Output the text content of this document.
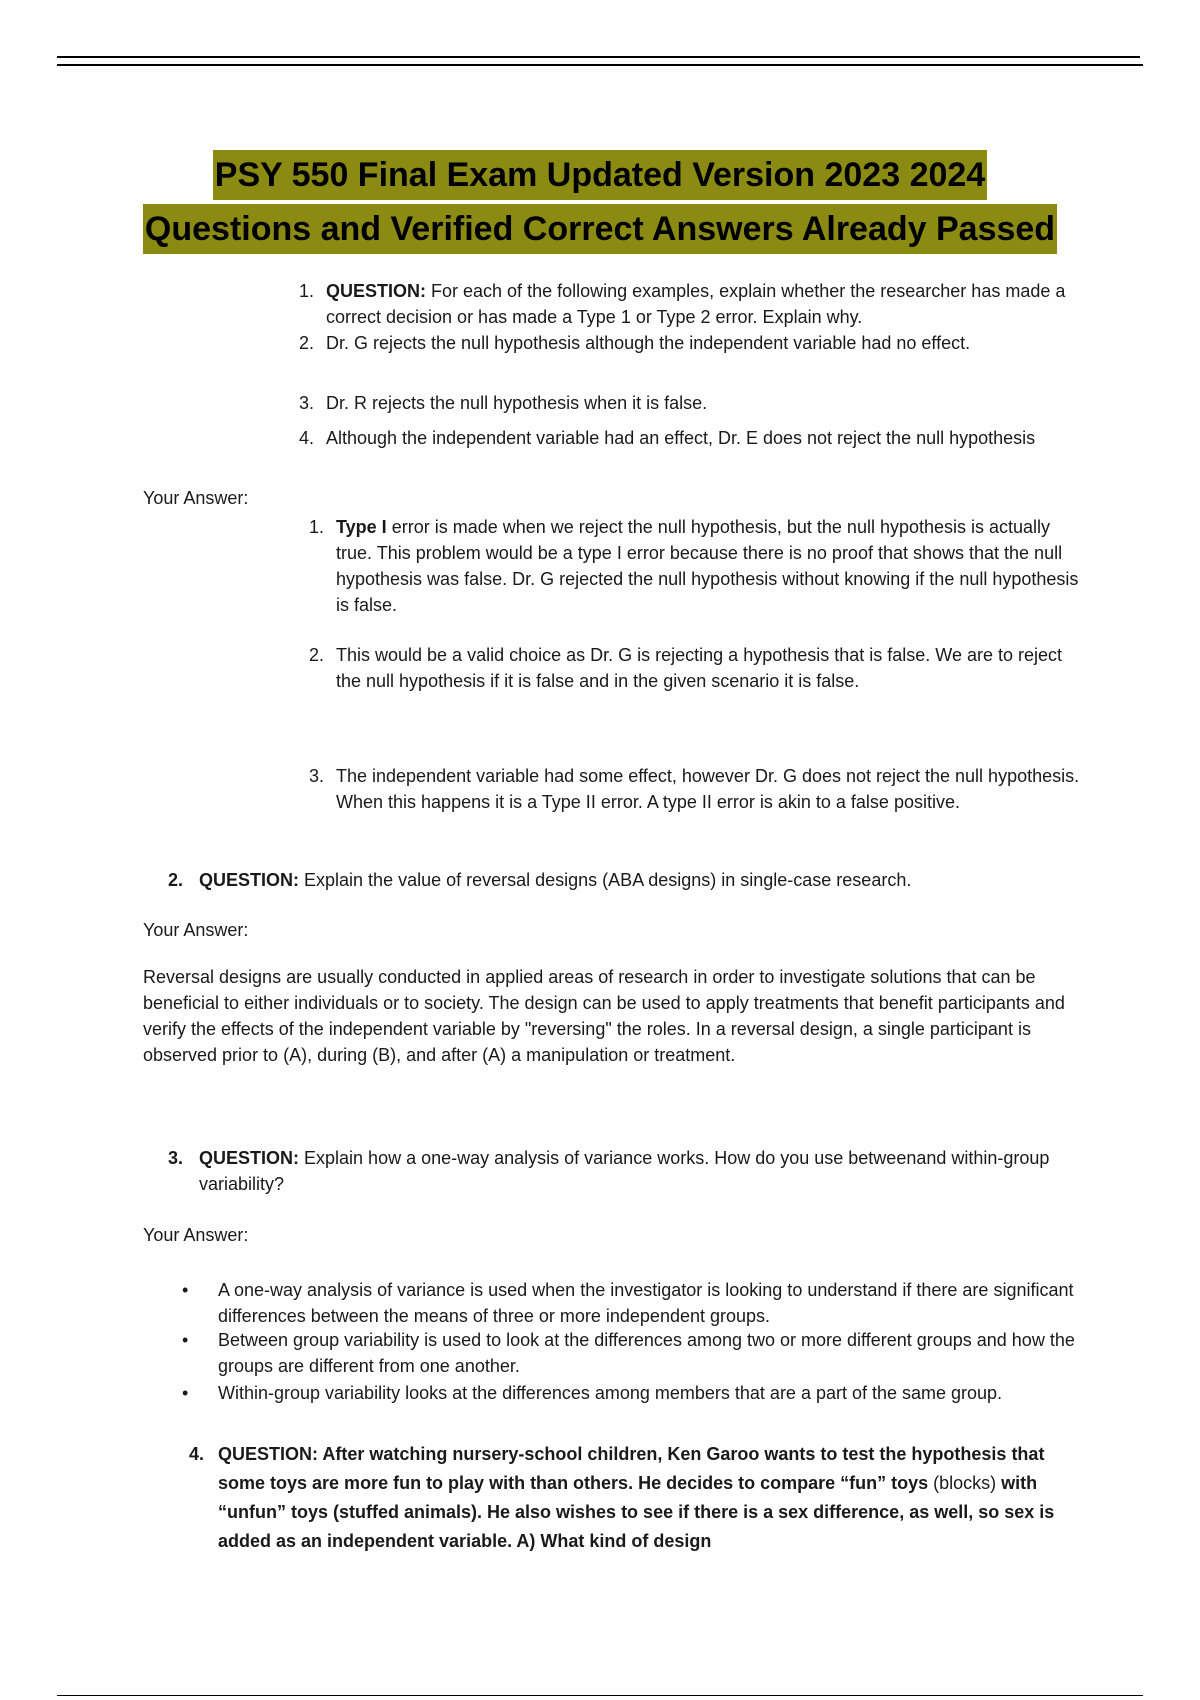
PSY 550 Final Exam Updated Version 2023 2024
Questions and Verified Correct Answers Already Passed
1. QUESTION: For each of the following examples, explain whether the researcher has made a correct decision or has made a Type 1 or Type 2 error. Explain why.
2. Dr. G rejects the null hypothesis although the independent variable had no effect.
3. Dr. R rejects the null hypothesis when it is false.
4. Although the independent variable had an effect, Dr. E does not reject the null hypothesis
Your Answer:
1. Type I error is made when we reject the null hypothesis, but the null hypothesis is actually true. This problem would be a type I error because there is no proof that shows that the null hypothesis was false. Dr. G rejected the null hypothesis without knowing if the null hypothesis is false.
2. This would be a valid choice as Dr. G is rejecting a hypothesis that is false. We are to reject the null hypothesis if it is false and in the given scenario it is false.
3. The independent variable had some effect, however Dr. G does not reject the null hypothesis. When this happens it is a Type II error. A type II error is akin to a false positive.
2. QUESTION: Explain the value of reversal designs (ABA designs) in single-case research.
Your Answer:
Reversal designs are usually conducted in applied areas of research in order to investigate solutions that can be beneficial to either individuals or to society. The design can be used to apply treatments that benefit participants and verify the effects of the independent variable by "reversing" the roles. In a reversal design, a single participant is observed prior to (A), during (B), and after (A) a manipulation or treatment.
3. QUESTION: Explain how a one-way analysis of variance works. How do you use betweenand within-group variability?
Your Answer:
• A one-way analysis of variance is used when the investigator is looking to understand if there are significant differences between the means of three or more independent groups.
• Between group variability is used to look at the differences among two or more different groups and how the groups are different from one another.
• Within-group variability looks at the differences among members that are a part of the same group.
4. QUESTION: After watching nursery-school children, Ken Garoo wants to test the hypothesis that some toys are more fun to play with than others. He decides to compare “fun” toys (blocks) with “unfun” toys (stuffed animals). He also wishes to see if there is a sex difference, as well, so sex is added as an independent variable. A) What kind of design
